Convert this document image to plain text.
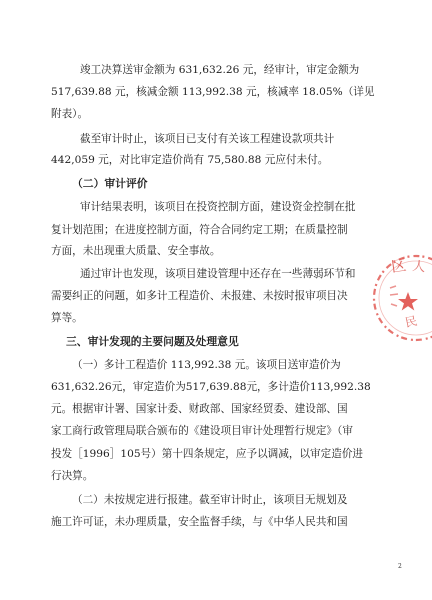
竣工决算送审金额为 631,632.26 元，经审计，审定金额为
517,639.88 元，核减金额 113,992.38 元，核减率 18.05%（详见
附表）。
截至审计时止，该项目已支付有关该工程建设款项共计
442,059 元，对比审定造价尚有 75,580.88 元应付未付。
（二）审计评价
审计结果表明，该项目在投资控制方面，建设资金控制在批
复计划范围；在进度控制方面，符合合同约定工期；在质量控制
方面，未出现重大质量、安全事故。
通过审计也发现，该项目建设管理中还存在一些薄弱环节和
需要纠正的问题，如多计工程造价、未报建、未按时报审项目决
算等。
三、审计发现的主要问题及处理意见
（一）多计工程造价 113,992.38 元。该项目送审造价为
631,632.26元，审定造价为517,639.88元，多计造价113,992.38
元。根据审计署、国家计委、财政部、国家经贸委、建设部、国
家工商行政管理局联合颁布的《建设项目审计处理暂行规定》（审
投发［1996］105号）第十四条规定，应予以调减，以审定造价进
行决算。
（二）未按规定进行报建。截至审计时止，该项目无规划及
施工许可证，未办理质量，安全监督手续，与《中华人民共和国
区 人
民
2
